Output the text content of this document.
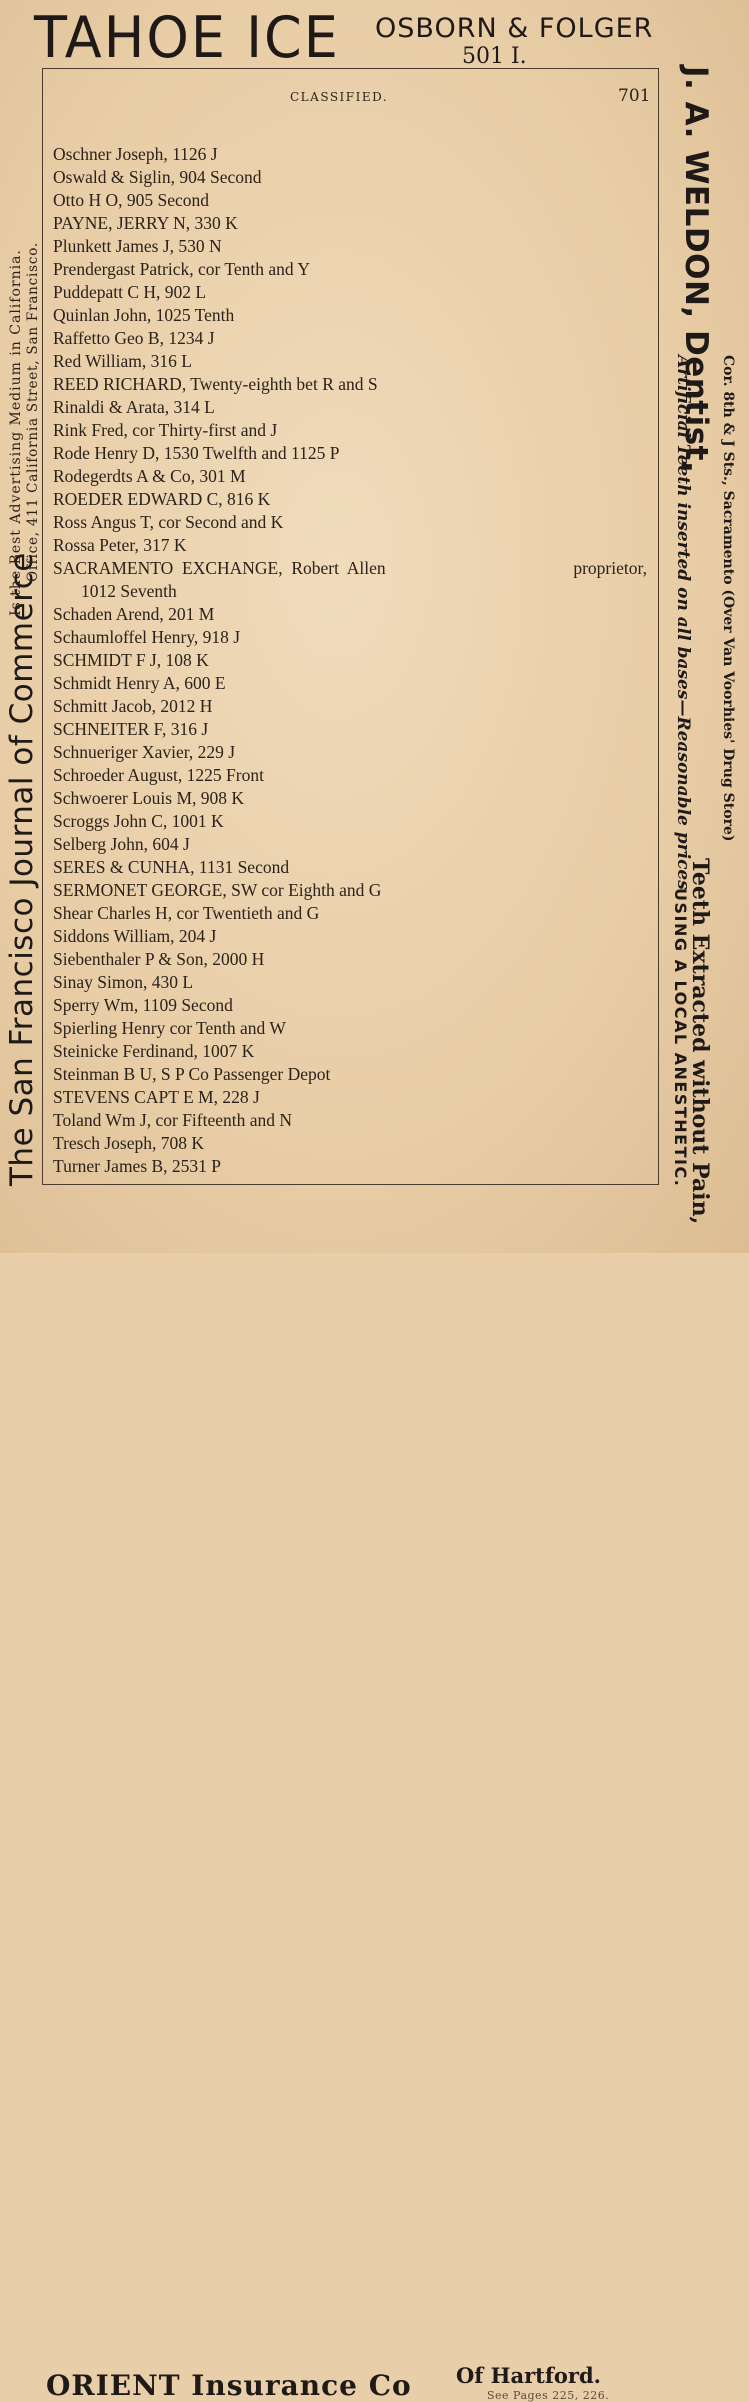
TAHOE ICE OSBORN & FOLGER
501 I.
CLASSIFIED.	701
Oschner Joseph, 1126 J
Oswald & Siglin, 904 Second
Otto H O, 905 Second
PAYNE, JERRY N, 330 K
Plunkett James J, 530 N
Prendergast Patrick, cor Tenth and Y
Puddepatt C H, 902 L
Quinlan John, 1025 Tenth
Raffetto Geo B, 1234 J
Red William, 316 L
REED RICHARD, Twenty-eighth bet R and S
Rinaldi & Arata, 314 L
Rink Fred, cor Thirty-first and J
Rode Henry D, 1530 Twelfth and 1125 P
Rodegerdts A & Co, 301 M
ROEDER EDWARD C, 816 K
Ross Angus T, cor Second and K
Rossa Peter, 317 K
SACRAMENTO  EXCHANGE,  Robert  Allen	proprietor,
1012 Seventh
Schaden Arend, 201 M
Schaumloffel Henry, 918 J
SCHMIDT F J, 108 K
Schmidt Henry A, 600 E
Schmitt Jacob, 2012 H
SCHNEITER F, 316 J
Schnueriger Xavier, 229 J
Schroeder August, 1225 Front
Schwoerer Louis M, 908 K
Scroggs John C, 1001 K
Selberg John, 604 J
SERES & CUNHA, 1131 Second
SERMONET GEORGE, SW cor Eighth and G
Shear Charles H, cor Twentieth and G
Siddons William, 204 J
Siebenthaler P & Son, 2000 H
Sinay Simon, 430 L
Sperry Wm, 1109 Second
Spierling Henry cor Tenth and W
Steinicke Ferdinand, 1007 K
Steinman B U, S P Co Passenger Depot
STEVENS CAPT E M, 228 J
Toland Wm J, cor Fifteenth and N
Tresch Joseph, 708 K
Turner James B, 2531 P
The San Francisco Journal of Commerce
Is the Best Advertising Medium in California. Office, 411 California Street, San Francisco.	J. A. WELDON, Dentist,
Cor. 8th & J Sts., Sacramento (Over Van Voorhies' Drug Store)
Artificial Teeth inserted on all bases—Reasonable prices
Teeth Extracted without Pain,
USING A LOCAL ANESTHETIC.
ORIENT Insurance Co Of Hartford.
See Pages 225, 226.
